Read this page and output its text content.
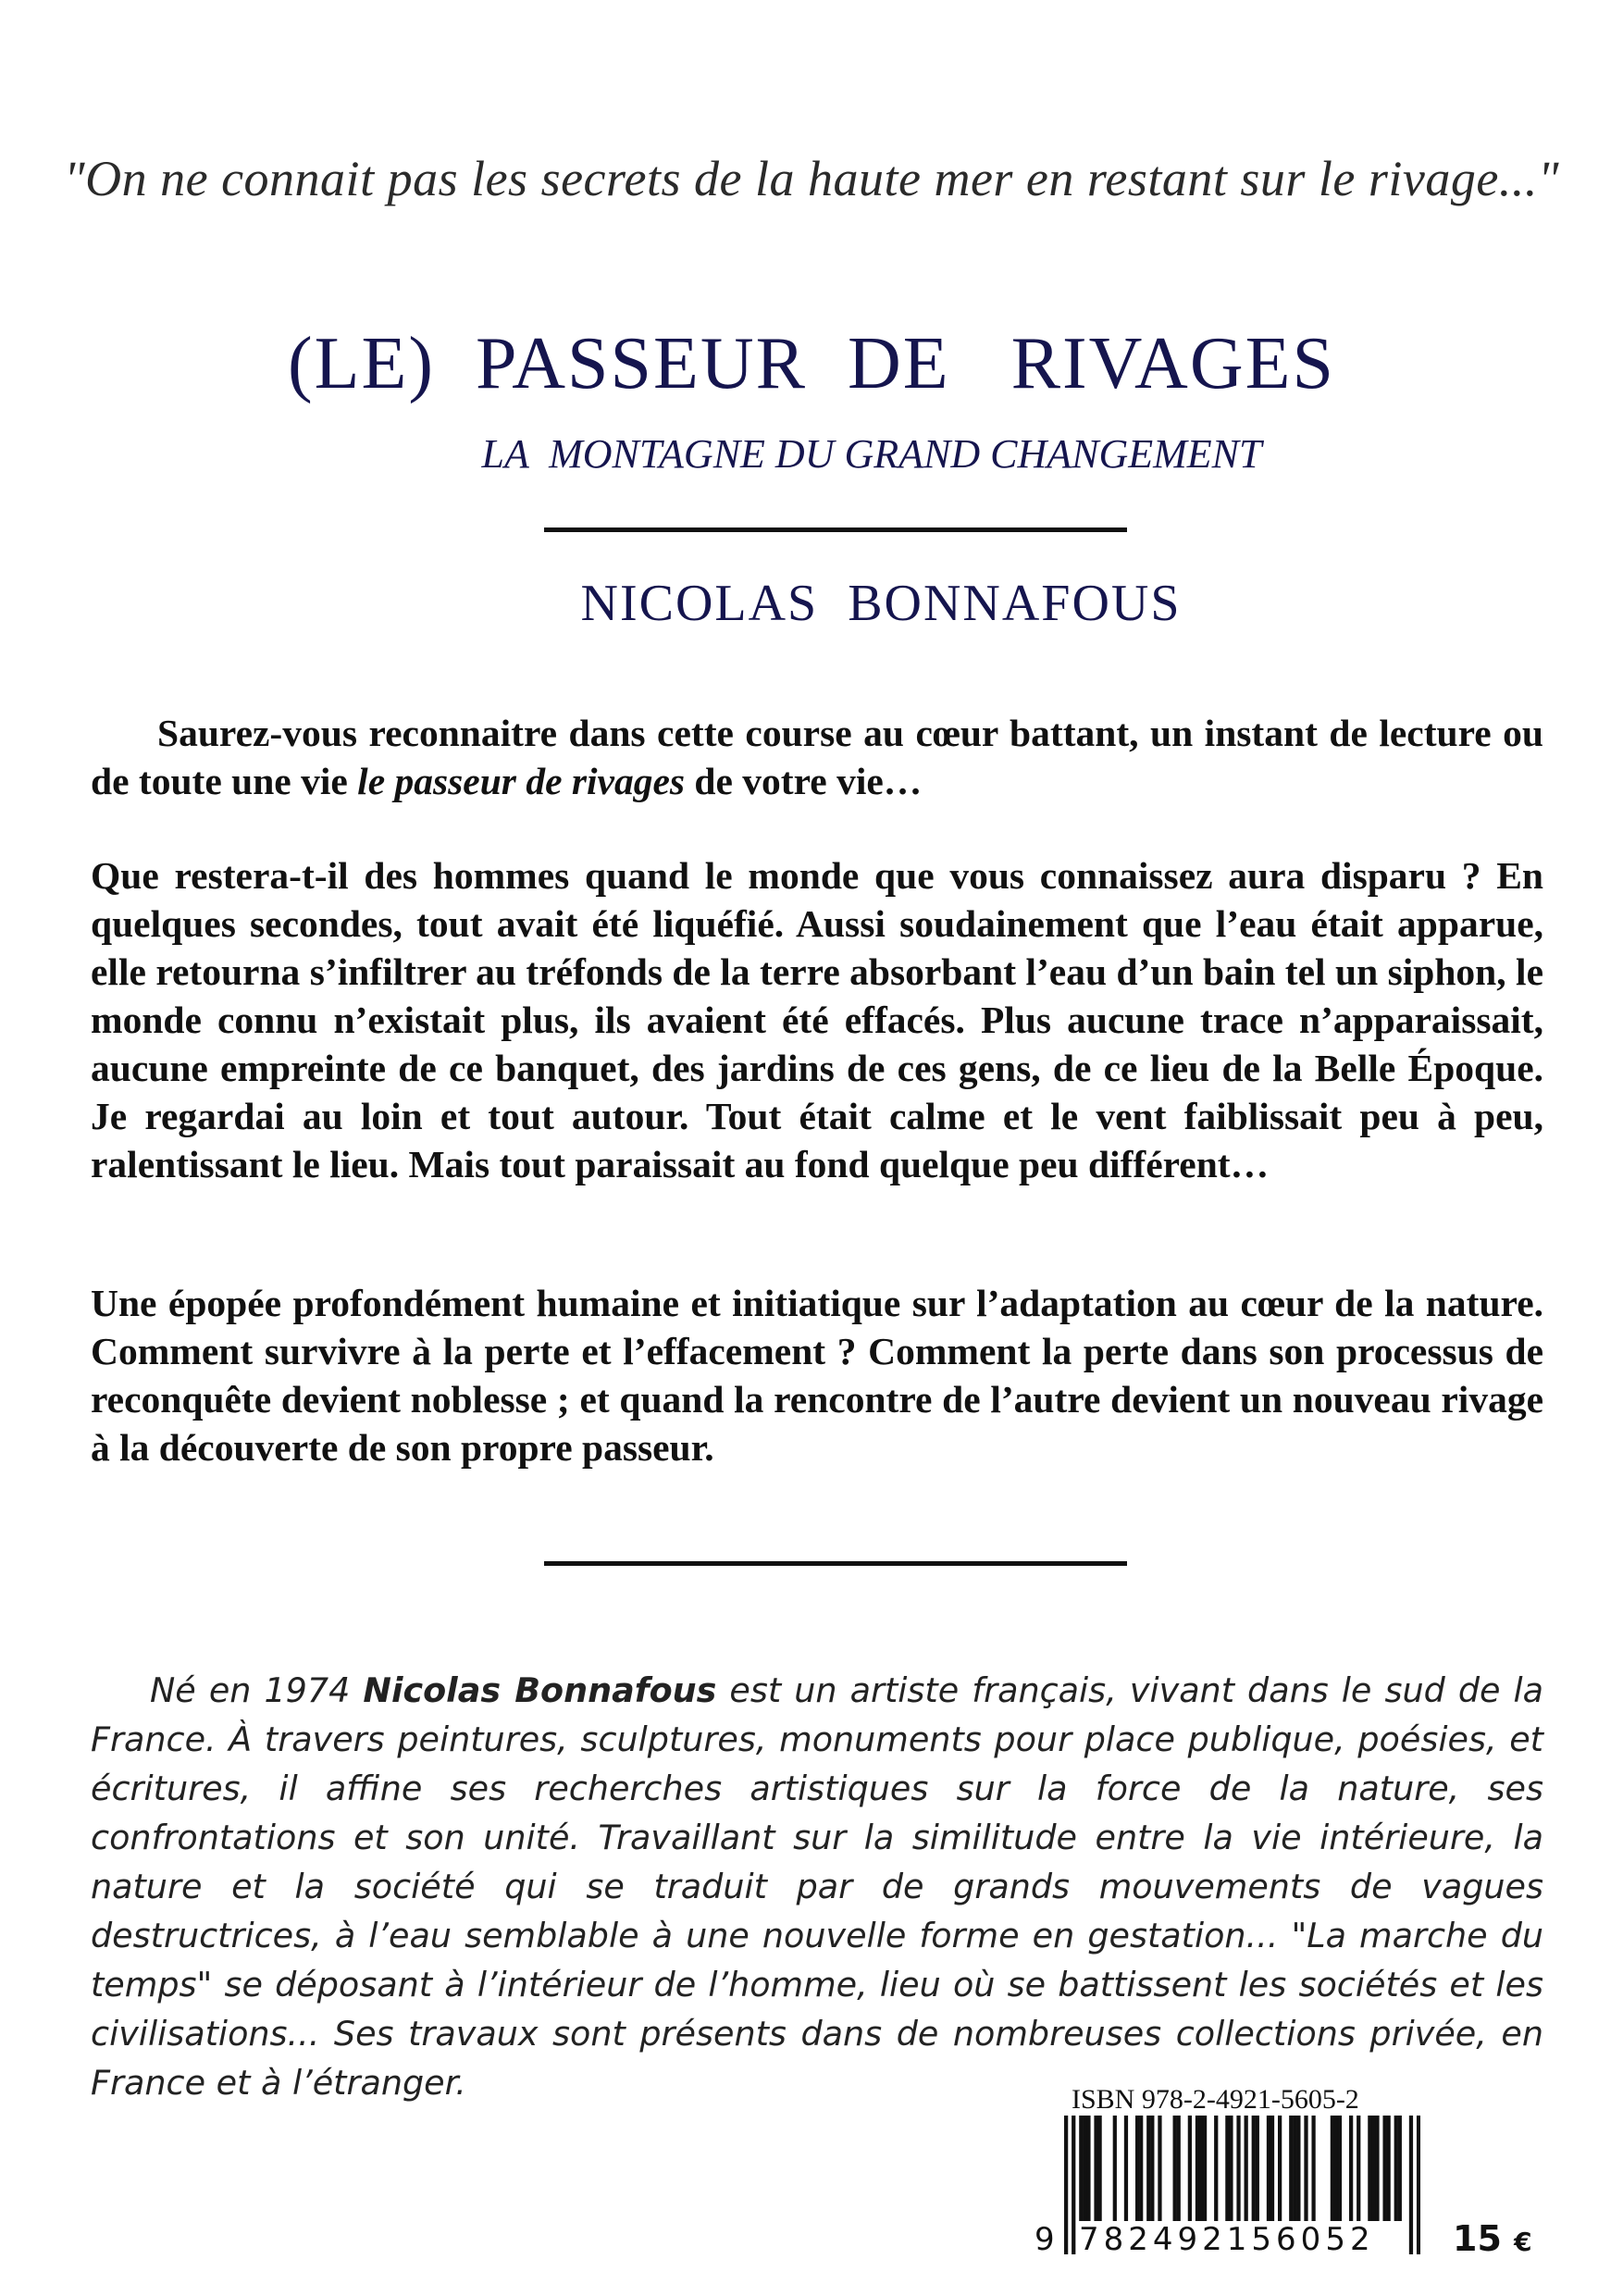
"On ne connait pas les secrets de la haute mer en restant sur le rivage..."
(LE)  PASSEUR  DE   RIVAGES
LA  MONTAGNE DU GRAND CHANGEMENT
NICOLAS  BONNAFOUS

Saurez-vous reconnaitre dans cette course au cœur battant, un instant de lecture ou de toute une vie le passeur de rivages de votre vie…

Que restera-t-il des hommes quand le monde que vous connaissez aura disparu ? En quelques secondes, tout avait été liquéfié. Aussi soudainement que l’eau était apparue, elle retourna s’infiltrer au tréfonds de la terre absorbant l’eau d’un bain tel un siphon, le monde connu n’existait plus, ils avaient été effacés. Plus aucune trace n’apparaissait, aucune empreinte de ce banquet, des jardins de ces gens, de ce lieu de la Belle Époque. Je regardai au loin et tout autour. Tout était calme et le vent faiblissait peu à peu, ralentissant le lieu. Mais tout paraissait au fond quelque peu différent…

Une épopée profondément humaine et initiatique sur l’adaptation au cœur de la nature. Comment survivre à la perte et l’effacement ? Comment la perte dans son processus de reconquête devient noblesse ; et quand la rencontre de l’autre devient un nouveau rivage à la découverte de son propre passeur.

Né en 1974 Nicolas Bonnafous est un artiste français, vivant dans le sud de la France. À travers peintures, sculptures, monuments pour place publique, poésies, et écritures, il affine ses recherches artistiques sur la force de la nature, ses confrontations et son unité. Travaillant sur la similitude entre la vie intérieure, la nature et la société qui se traduit par de grands mouvements de vagues destructrices, à l’eau semblable à une nouvelle forme en gestation... "La marche du temps" se déposant à l’intérieur de l’homme, lieu où se battissent les sociétés et les civilisations... Ses travaux sont présents dans de nombreuses collections privée, en France et à l’étranger.	ISBN 978-2-4921-5605-2
9 782492156052 15 €
